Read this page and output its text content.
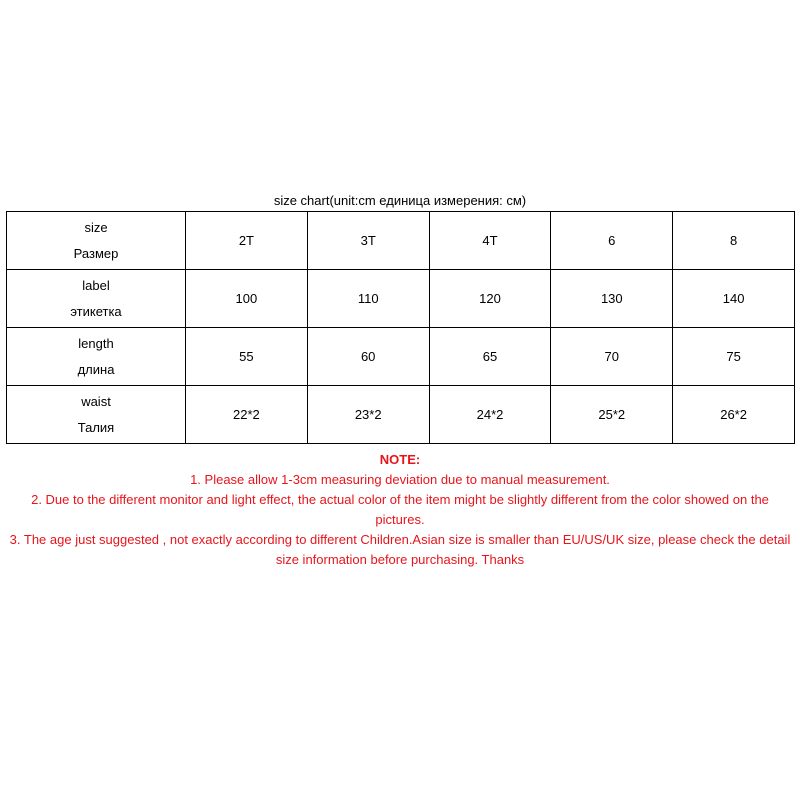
size chart(unit:cm единица измерения: см)
size
Размер	2T	3T	4T	6	8

label
этикетка	100	110	120	130	140

length
длина	55	60	65	70	75

waist
Талия	22*2	23*2	24*2	25*2	26*2
NOTE:
1. Please allow 1-3cm measuring deviation due to manual measurement.
2. Due to the different monitor and light effect, the actual color of the item might be slightly different from the color showed on the pictures.
3. The age just suggested , not exactly according to different Children.Asian size is smaller than EU/US/UK size, please check the detail size information before purchasing. Thanks
